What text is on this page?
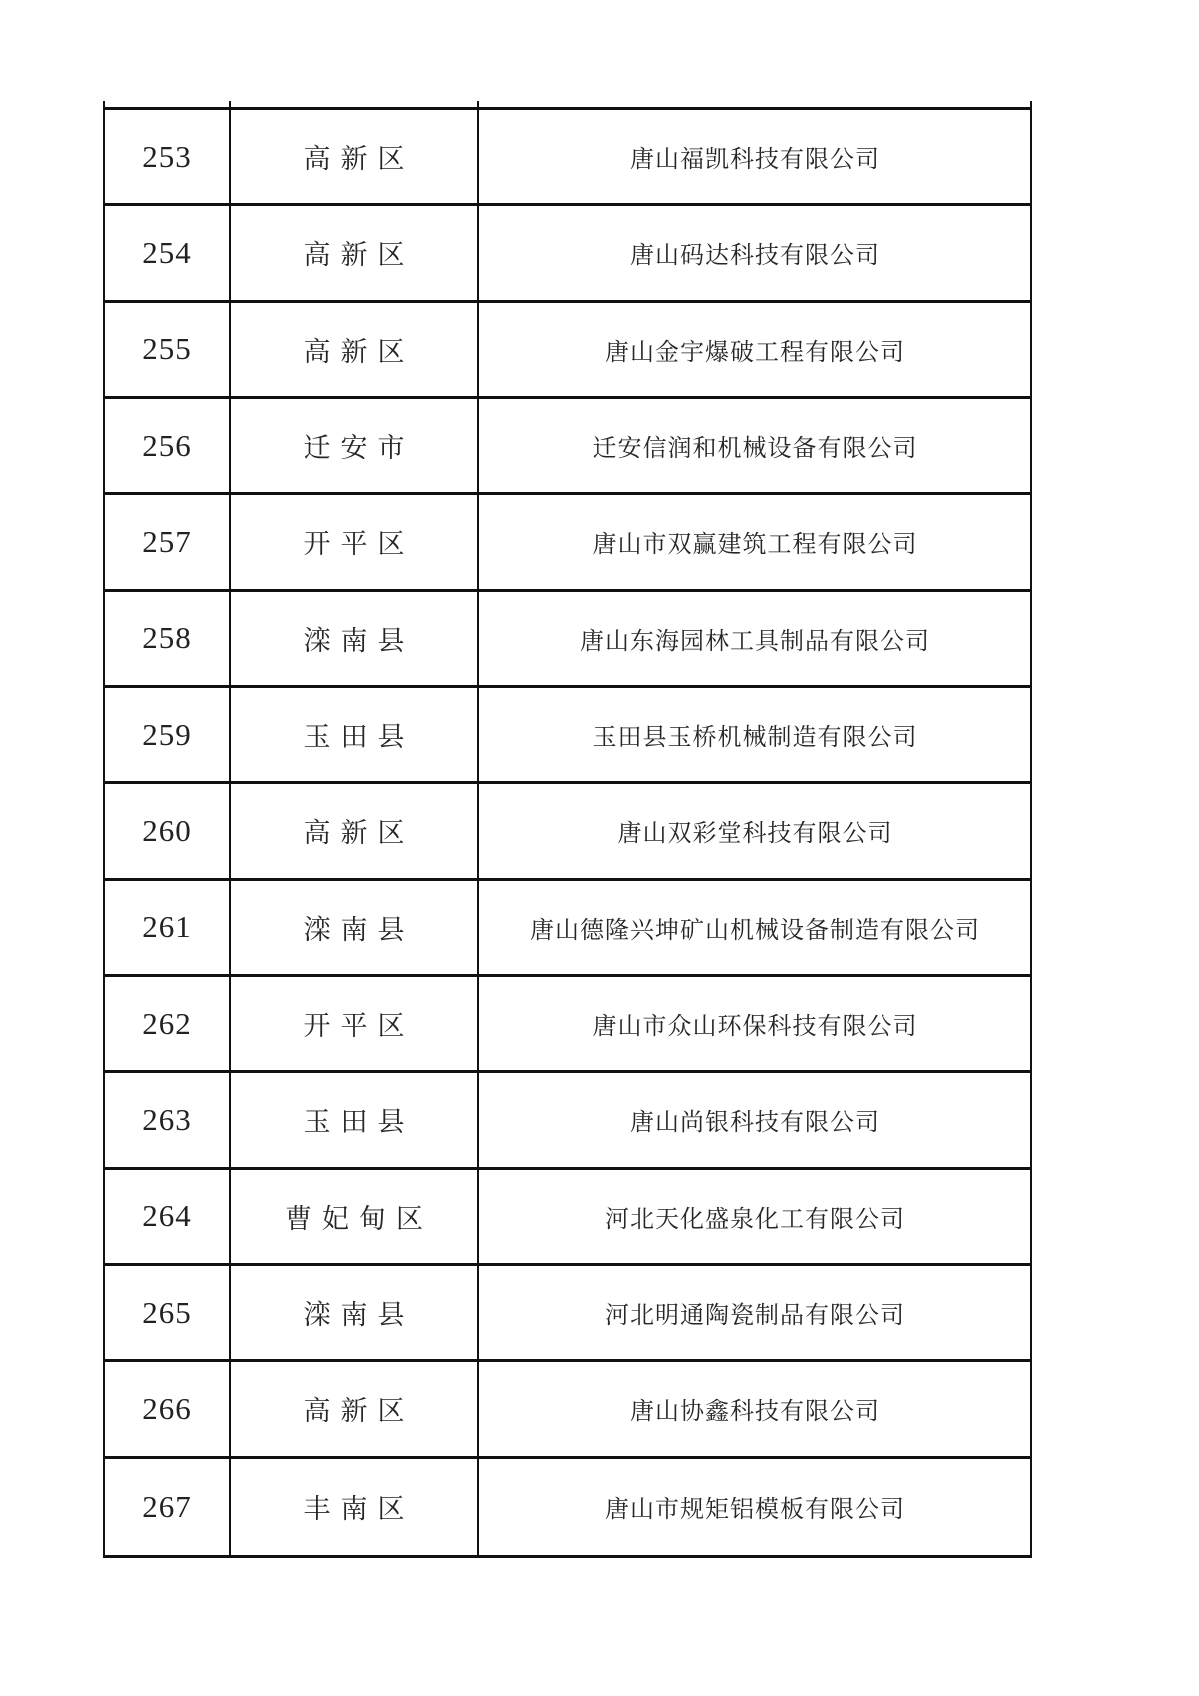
253	高新区	唐山福凯科技有限公司
254	高新区	唐山码达科技有限公司
255	高新区	唐山金宇爆破工程有限公司
256	迁安市	迁安信润和机械设备有限公司
257	开平区	唐山市双赢建筑工程有限公司
258	滦南县	唐山东海园林工具制品有限公司
259	玉田县	玉田县玉桥机械制造有限公司
260	高新区	唐山双彩堂科技有限公司
261	滦南县	唐山德隆兴坤矿山机械设备制造有限公司
262	开平区	唐山市众山环保科技有限公司
263	玉田县	唐山尚银科技有限公司
264	曹妃甸区	河北天化盛泉化工有限公司
265	滦南县	河北明通陶瓷制品有限公司
266	高新区	唐山协鑫科技有限公司
267	丰南区	唐山市规矩铝模板有限公司
